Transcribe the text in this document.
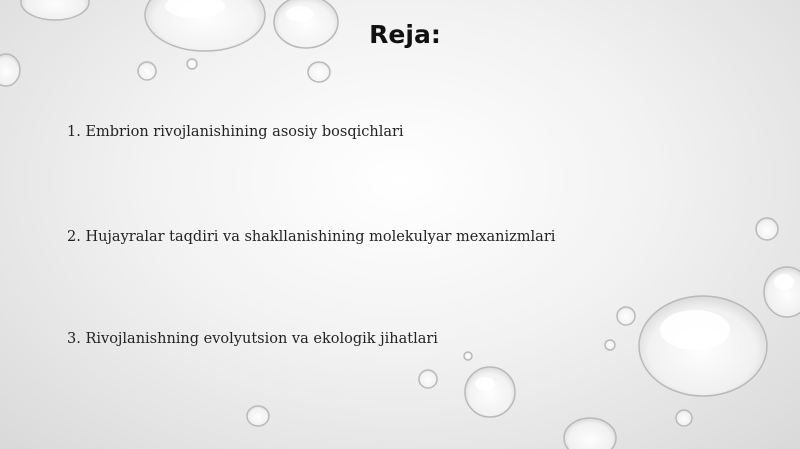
Reja:
1. Embrion rivojlanishining asosiy bosqichlari
2. Hujayralar taqdiri va shakllanishining molekulyar mexanizmlari
3. Rivojlanishning evolyutsion va ekologik jihatlari
